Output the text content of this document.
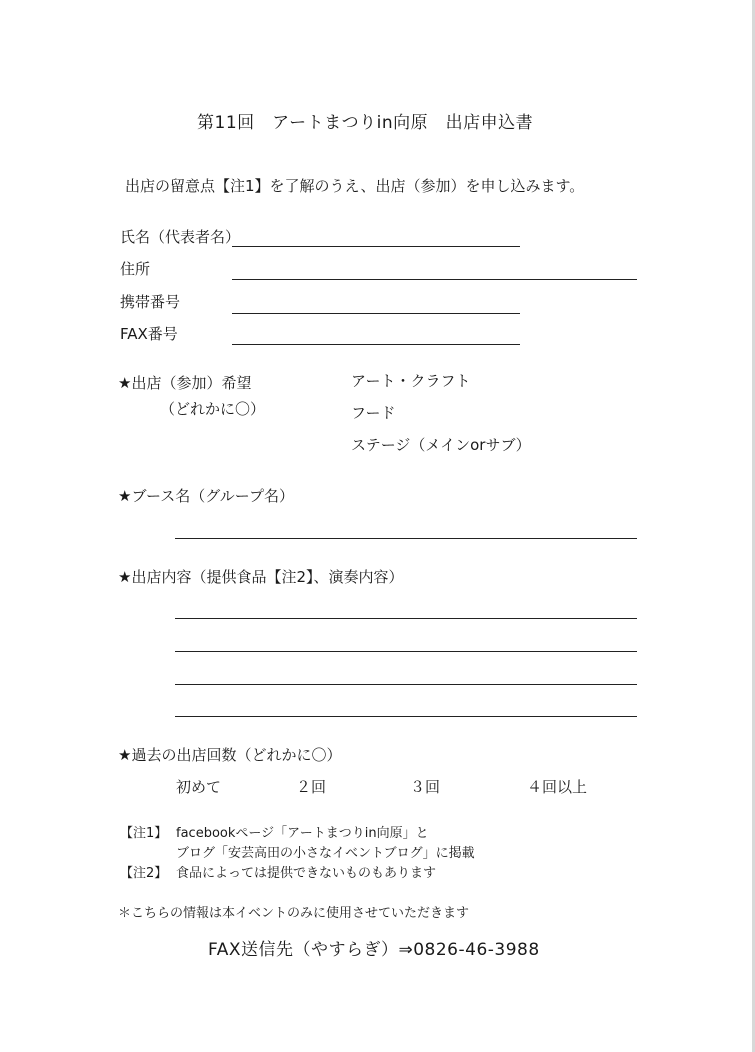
第11回　アートまつりin向原　出店申込書
出店の留意点【注1】を了解のうえ、出店（参加）を申し込みます。
氏名（代表者名）
住所
携帯番号
FAX番号
★出店（参加）希望
（どれかに〇）
アート・クラフト
フード
ステージ（メインorサブ）
★ブース名（グループ名）
★出店内容（提供食品【注2】、演奏内容）
★過去の出店回数（どれかに〇）
初めて	２回	３回	４回以上
【注1】 facebookページ「アートまつりin向原」と
ブログ「安芸高田の小さなイベントブログ」に掲載
【注2】 食品によっては提供できないものもあります
＊こちらの情報は本イベントのみに使用させていただきます
FAX送信先（やすらぎ）⇒0826-46-3988
